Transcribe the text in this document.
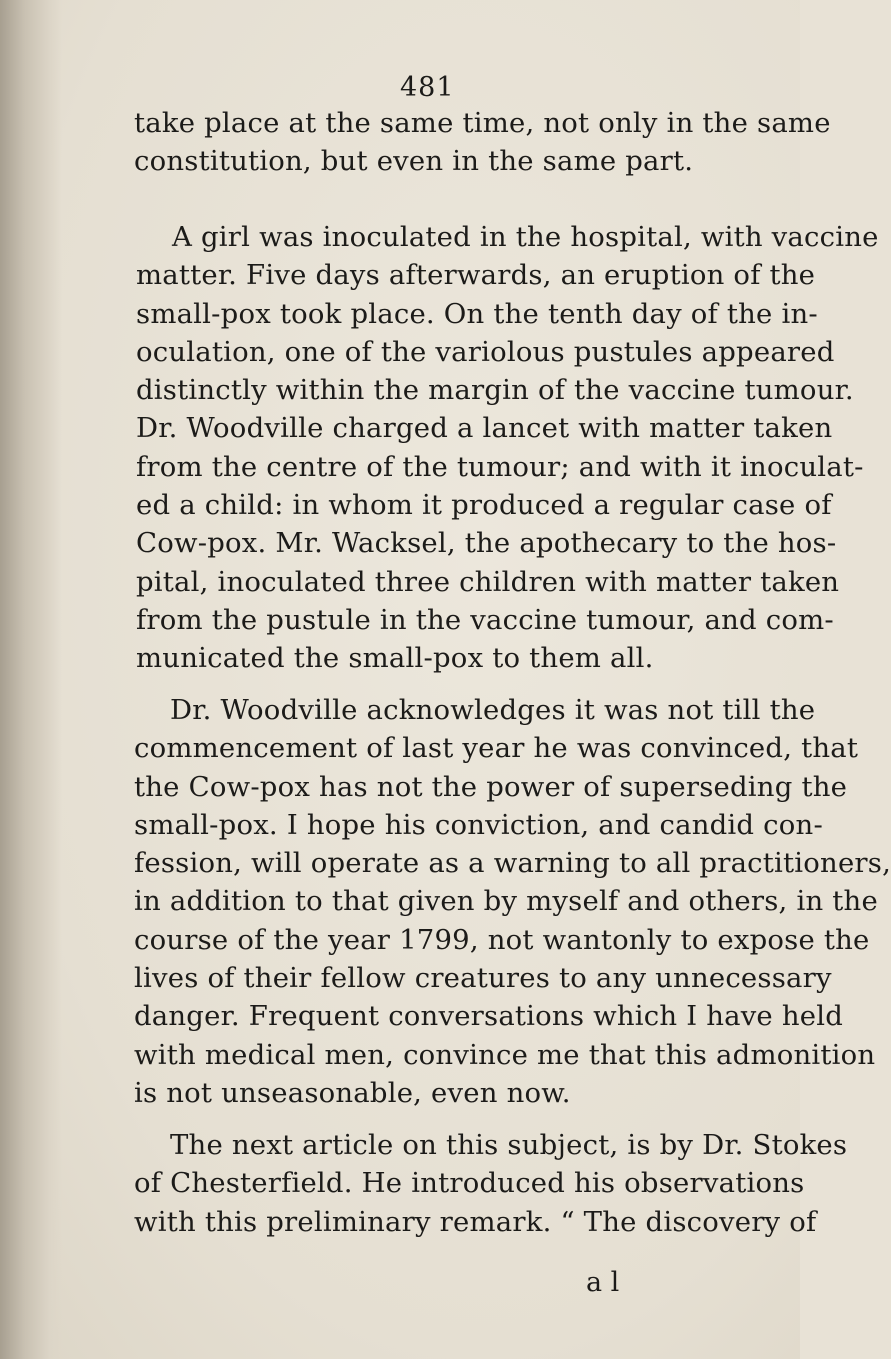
481
take place at the same time, not only in the same
constitution, but even in the same part.
A girl was inoculated in the hospital, with vaccine
matter. Five days afterwards, an eruption of the
small-pox took place. On the tenth day of the in-
oculation, one of the variolous pustules appeared
distinctly within the margin of the vaccine tumour.
Dr. Woodville charged a lancet with matter taken
from the centre of the tumour; and with it inoculat-
ed a child: in whom it produced a regular case of
Cow-pox. Mr. Wacksel, the apothecary to the hos-
pital, inoculated three children with matter taken
from the pustule in the vaccine tumour, and com-
municated the small-pox to them all.
Dr. Woodville acknowledges it was not till the
commencement of last year he was convinced, that
the Cow-pox has not the power of superseding the
small-pox. I hope his conviction, and candid con-
fession, will operate as a warning to all practitioners,
in addition to that given by myself and others, in the
course of the year 1799, not wantonly to expose the
lives of their fellow creatures to any unnecessary
danger. Frequent conversations which I have held
with medical men, convince me that this admonition
is not unseasonable, even now.
The next article on this subject, is by Dr. Stokes
of Chesterfield. He introduced his observations
with this preliminary remark. “ The discovery of
a l
